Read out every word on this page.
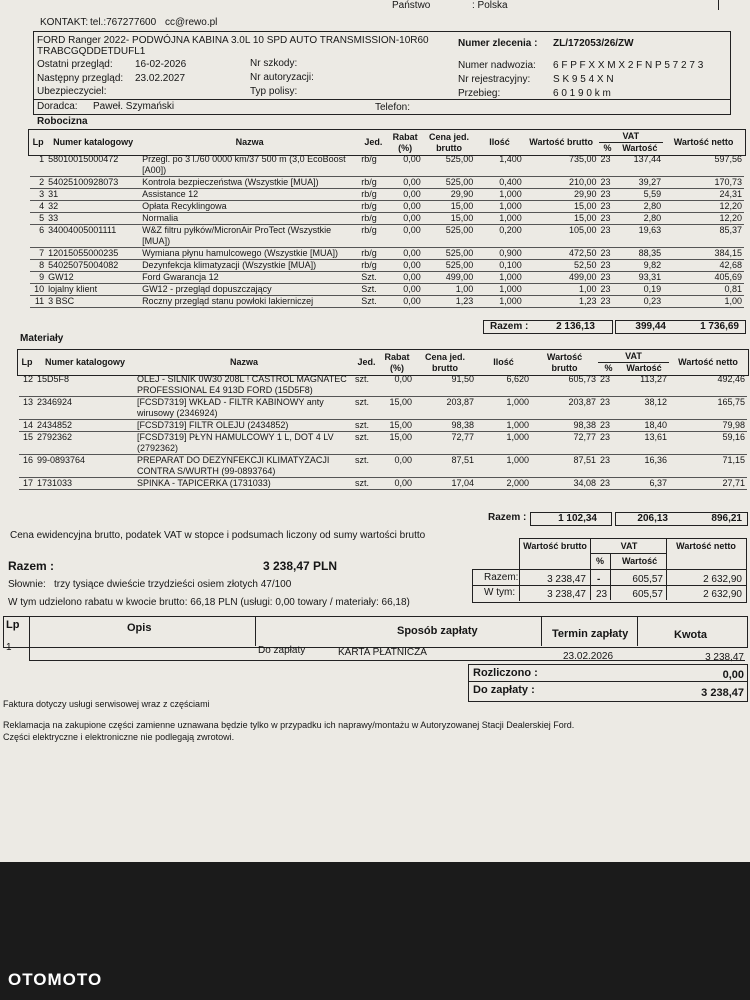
Państwo	: Polska
KONTAKT: tel.:767277600 cc@rewo.pl
FORD Ranger 2022- PODWÓJNA KABINA 3.0L 10 SPD AUTO TRANSMISSION-10R60
TRABCGQDDETDUFL1
Ostatni przegląd: 16-02-2026
Następny przegląd: 23.02.2027
Ubezpieczyciel:
Doradca: Paweł. Szymański
Nr szkody:
Nr autoryzacji:
Typ polisy:
Telefon:
Numer zlecenia : ZL/172053/26/ZW
Numer nadwozia: 6 F P F X X M X 2 F N P 5 7 2 7 3
Nr rejestracyjny: S K 9 5 4 X N
Przebieg:	6 0 1 9 0 k m
Robocizna
Lp	Numer katalogowy	Nazwa	Jed.	Rabat (%)	Cena jed. brutto	Ilość	Wartość brutto	VAT
% Wartość		Wartość netto
1	58010015000472	Przegl. po 3 l./60 0000 km/37 500 m (3,0 EcoBoost [A00])	rb/g	0,00	525,00	1,400	735,00	23	137,44	597,56
2	54025100928073	Kontrola bezpieczeństwa (Wszystkie [MUA])	rb/g	0,00	525,00	0,400	210,00	23	39,27	170,73
3	31	Assistance 12	rb/g	0,00	29,90	1,000	29,90	23	5,59	24,31
4	32	Opłata Recyklingowa	rb/g	0,00	15,00	1,000	15,00	23	2,80	12,20
5	33	Normalia	rb/g	0,00	15,00	1,000	15,00	23	2,80	12,20
6	34004005001111	W&Z filtru pyłków/MicronAir ProTect (Wszystkie [MUA])	rb/g	0,00	525,00	0,200	105,00	23	19,63	85,37
7	12015055000235	Wymiana płynu hamulcowego (Wszystkie [MUA])	rb/g	0,00	525,00	0,900	472,50	23	88,35	384,15
8	54025075004082	Dezynfekcja klimatyzacji (Wszystkie [MUA])	rb/g	0,00	525,00	0,100	52,50	23	9,82	42,68
9	GW12	Ford Gwarancja 12	Szt.	0,00	499,00	1,000	499,00	23	93,31	405,69
10	lojalny klient	GW12 - przegląd dopuszczający	Szt.	0,00	1,00	1,000	1,00	23	0,19	0,81
11	3 BSC	Roczny przegląd stanu powłoki lakierniczej	Szt.	0,00	1,23	1,000	1,23	23	0,23	1,00
Razem :	2 136,13	399,44	1 736,69
Materiały
Lp	Numer katalogowy	Nazwa	Jed.	Rabat (%)	Cena jed. brutto	Ilość	Wartość brutto	VAT
% Wartość		Wartość netto
12	15D5F8	OLEJ - SILNIK 0W30 208L ! CASTROL MAGNATEC PROFESSIONAL E4 913D FORD (15D5F8)	szt.	0,00	91,50	6,620	605,73	23	113,27	492,46
13	2346924	[FCSD7319] WKŁAD - FILTR KABINOWY anty wirusowy (2346924)	szt.	15,00	203,87	1,000	203,87	23	38,12	165,75
14	2434852	[FCSD7319] FILTR OLEJU (2434852)	szt.	15,00	98,38	1,000	98,38	23	18,40	79,98
15	2792362	[FCSD7319] PŁYN HAMULCOWY 1 L, DOT 4 LV (2792362)	szt.	15,00	72,77	1,000	72,77	23	13,61	59,16
16	99-0893764	PREPARAT DO DEZYNFEKCJI KLIMATYZACJI CONTRA S/WURTH (99-0893764)	szt.	0,00	87,51	1,000	87,51	23	16,36	71,15
17	1731033	SPINKA - TAPICERKA (1731033)	szt.	0,00	17,04	2,000	34,08	23	6,37	27,71
Razem :	1 102,34	206,13	896,21
Cena ewidencyjna brutto, podatek VAT w stopce i podsumach liczony od sumy wartości brutto
Razem :	3 238,47 PLN
Słownie: trzy tysiące dwieście trzydzieści osiem złotych 47/100
W tym udzielono rabatu w kwocie brutto: 66,18 PLN (usługi: 0,00 towary / materiały: 66,18)
Wartość brutto	VAT
% Wartość
Wartość netto
Razem:	3 238,47 -	605,57	2 632,90
W tym:	3 238,47 23	605,57	2 632,90
Lp	Opis	Sposób zapłaty	Termin zapłaty	Kwota
1	Do zapłaty	KARTA PŁATNICZA	23.02.2026	3 238,47
Rozliczono :	0,00
Do zapłaty :	3 238,47
Faktura dotyczy usługi serwisowej wraz z częściami
Reklamacja na zakupione części zamienne uznawana będzie tylko w przypadku ich naprawy/montażu w Autoryzowanej Stacji Dealerskiej Ford.
Części elektryczne i elektroniczne nie podlegają zwrotowi.
OTOMOTO
